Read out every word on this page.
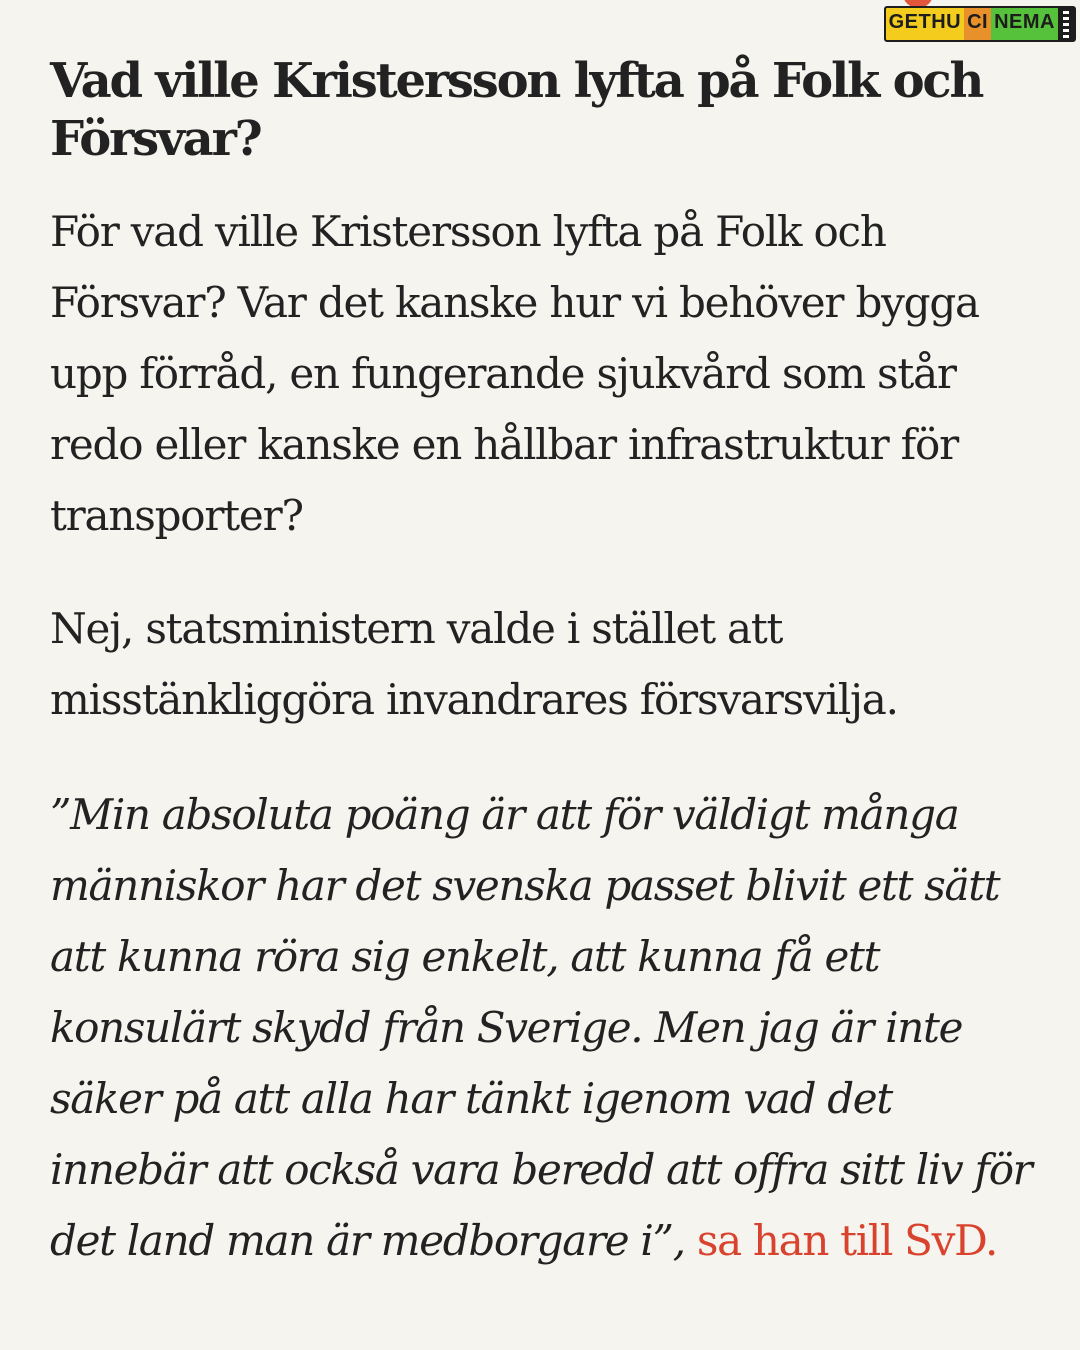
GETHU CI NEMA
Vad ville Kristersson lyfta på Folk och Försvar?

För vad ville Kristersson lyfta på Folk och Försvar? Var det kanske hur vi behöver bygga upp förråd, en fungerande sjukvård som står redo eller kanske en hållbar infrastruktur för transporter?

Nej, statsministern valde i stället att misstänkliggöra invandrares försvarsvilja.

”Min absoluta poäng är att för väldigt många människor har det svenska passet blivit ett sätt att kunna röra sig enkelt, att kunna få ett konsulärt skydd från Sverige. Men jag är inte säker på att alla har tänkt igenom vad det innebär att också vara beredd att offra sitt liv för det land man är medborgare i”, sa han till SvD.
